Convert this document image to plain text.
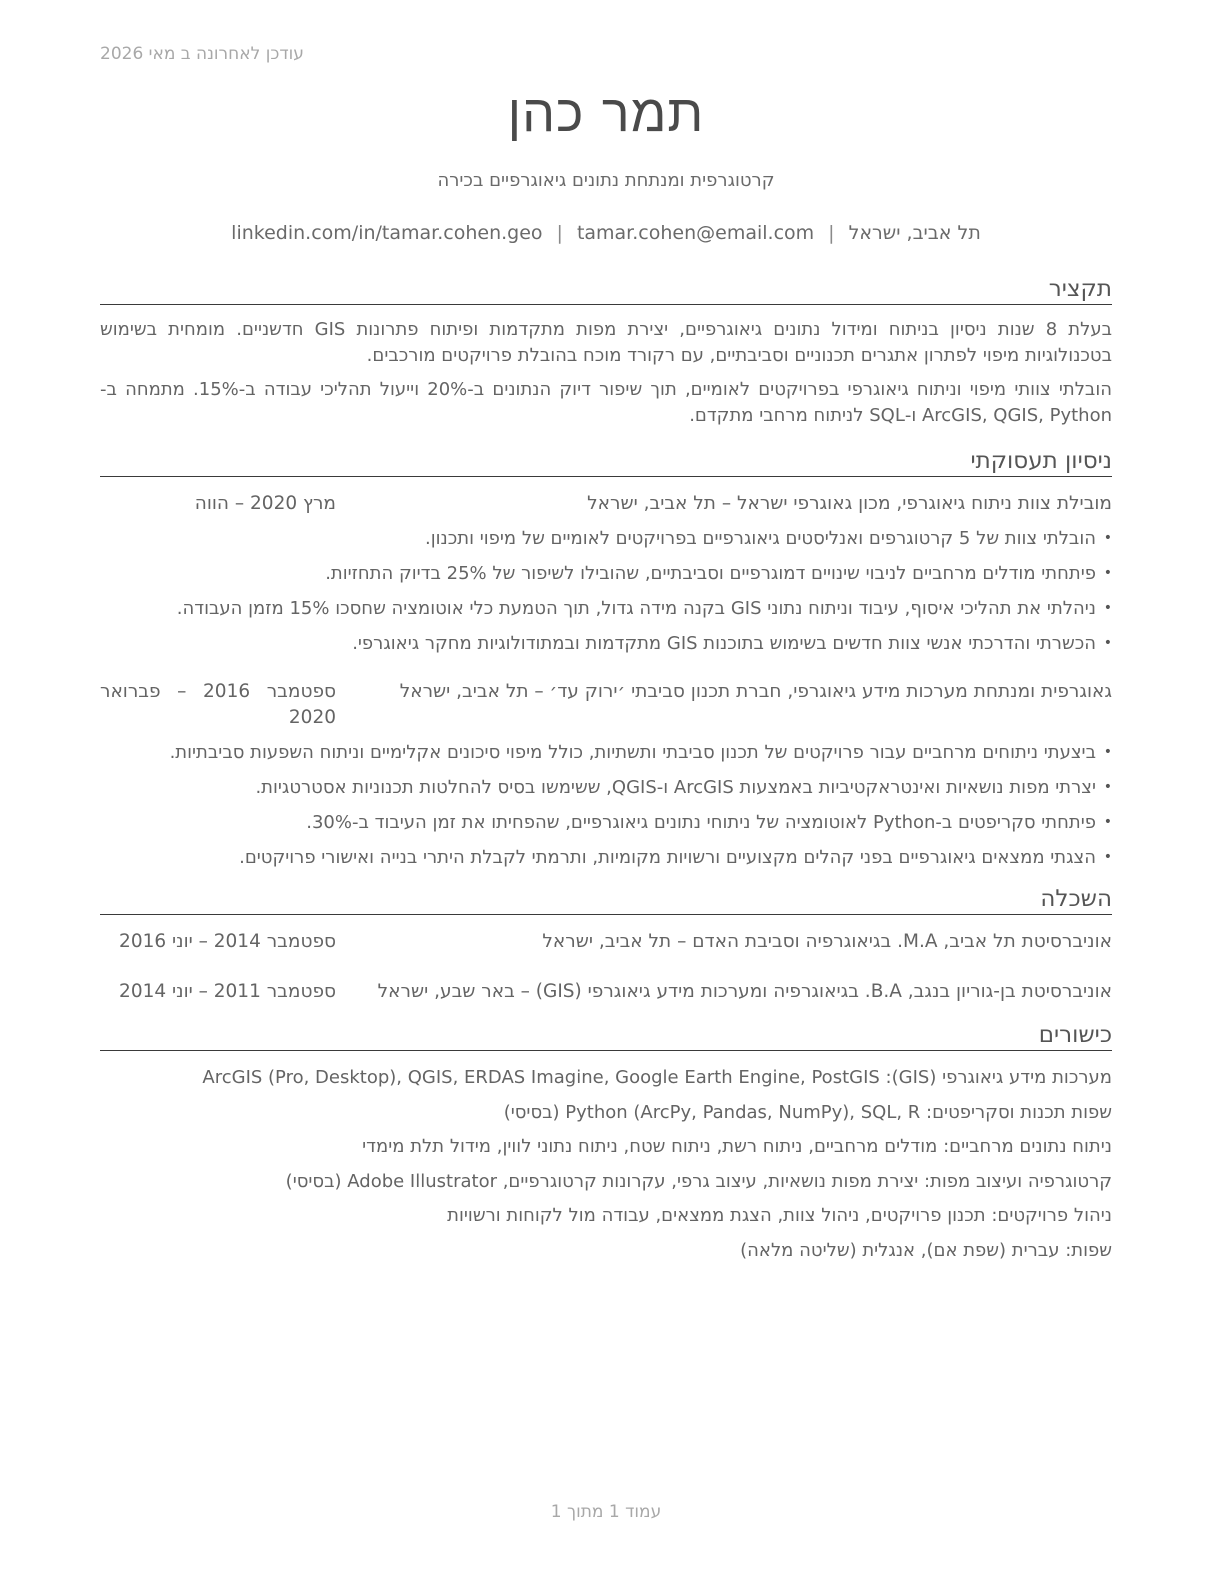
עודכן לאחרונה ב מאי 2026
תמר כהן
קרטוגרפית ומנתחת נתונים גיאוגרפיים בכירה
תל אביב, ישראל|tamar.cohen@email.com|linkedin.com/in/tamar.cohen.geo
תקציר

בעלת 8 שנות ניסיון בניתוח ומידול נתונים גיאוגרפיים, יצירת מפות מתקדמות ופיתוח פתרונות GIS חדשניים. מומחית בשימוש בטכנולוגיות מיפוי לפתרון אתגרים תכנוניים וסביבתיים, עם רקורד מוכח בהובלת פרויקטים מורכבים.

הובלתי צוותי מיפוי וניתוח גיאוגרפי בפרויקטים לאומיים, תוך שיפור דיוק הנתונים ב-20% וייעול תהליכי עבודה ב-15%. מתמחה ב-ArcGIS, QGIS, Python ו-SQL לניתוח מרחבי מתקדם.

ניסיון תעסוקתי
מובילת צוות ניתוח גיאוגרפי, מכון גאוגרפי ישראל – תל אביב, ישראל
מרץ 2020 – הווה
• הובלתי צוות של 5 קרטוגרפים ואנליסטים גיאוגרפיים בפרויקטים לאומיים של מיפוי ותכנון.
• פיתחתי מודלים מרחביים לניבוי שינויים דמוגרפיים וסביבתיים, שהובילו לשיפור של 25% בדיוק התחזיות.
• ניהלתי את תהליכי איסוף, עיבוד וניתוח נתוני GIS בקנה מידה גדול, תוך הטמעת כלי אוטומציה שחסכו 15% מזמן העבודה.
• הכשרתי והדרכתי אנשי צוות חדשים בשימוש בתוכנות GIS מתקדמות ובמתודולוגיות מחקר גיאוגרפי.
גאוגרפית ומנתחת מערכות מידע גיאוגרפי, חברת תכנון סביבתי ׳ירוק עד׳ – תל אביב, ישראל
ספטמבר 2016 – פברואר 2020
• ביצעתי ניתוחים מרחביים עבור פרויקטים של תכנון סביבתי ותשתיות, כולל מיפוי סיכונים אקלימיים וניתוח השפעות סביבתיות.
• יצרתי מפות נושאיות ואינטראקטיביות באמצעות ArcGIS ו-QGIS, ששימשו בסיס להחלטות תכנוניות אסטרטגיות.
• פיתחתי סקריפטים ב-Python לאוטומציה של ניתוחי נתונים גיאוגרפיים, שהפחיתו את זמן העיבוד ב-30%.
• הצגתי ממצאים גיאוגרפיים בפני קהלים מקצועיים ורשויות מקומיות, ותרמתי לקבלת היתרי בנייה ואישורי פרויקטים.
השכלה
אוניברסיטת תל אביב, M.A. בגיאוגרפיה וסביבת האדם – תל אביב, ישראל
ספטמבר 2014 – יוני 2016
אוניברסיטת בן-גוריון בנגב, B.A. בגיאוגרפיה ומערכות מידע גיאוגרפי (GIS) – באר שבע, ישראל
ספטמבר 2011 – יוני 2014
כישורים
מערכות מידע גיאוגרפי (GIS): ArcGIS (Pro, Desktop), QGIS, ERDAS Imagine, Google Earth Engine, PostGIS
שפות תכנות וסקריפטים: Python (ArcPy, Pandas, NumPy), SQL, R (בסיסי)
ניתוח נתונים מרחביים: מודלים מרחביים, ניתוח רשת, ניתוח שטח, ניתוח נתוני לווין, מידול תלת מימדי
קרטוגרפיה ועיצוב מפות: יצירת מפות נושאיות, עיצוב גרפי, עקרונות קרטוגרפיים, Adobe Illustrator (בסיסי)
ניהול פרויקטים: תכנון פרויקטים, ניהול צוות, הצגת ממצאים, עבודה מול לקוחות ורשויות
שפות: עברית (שפת אם), אנגלית (שליטה מלאה)
עמוד 1 מתוך 1
